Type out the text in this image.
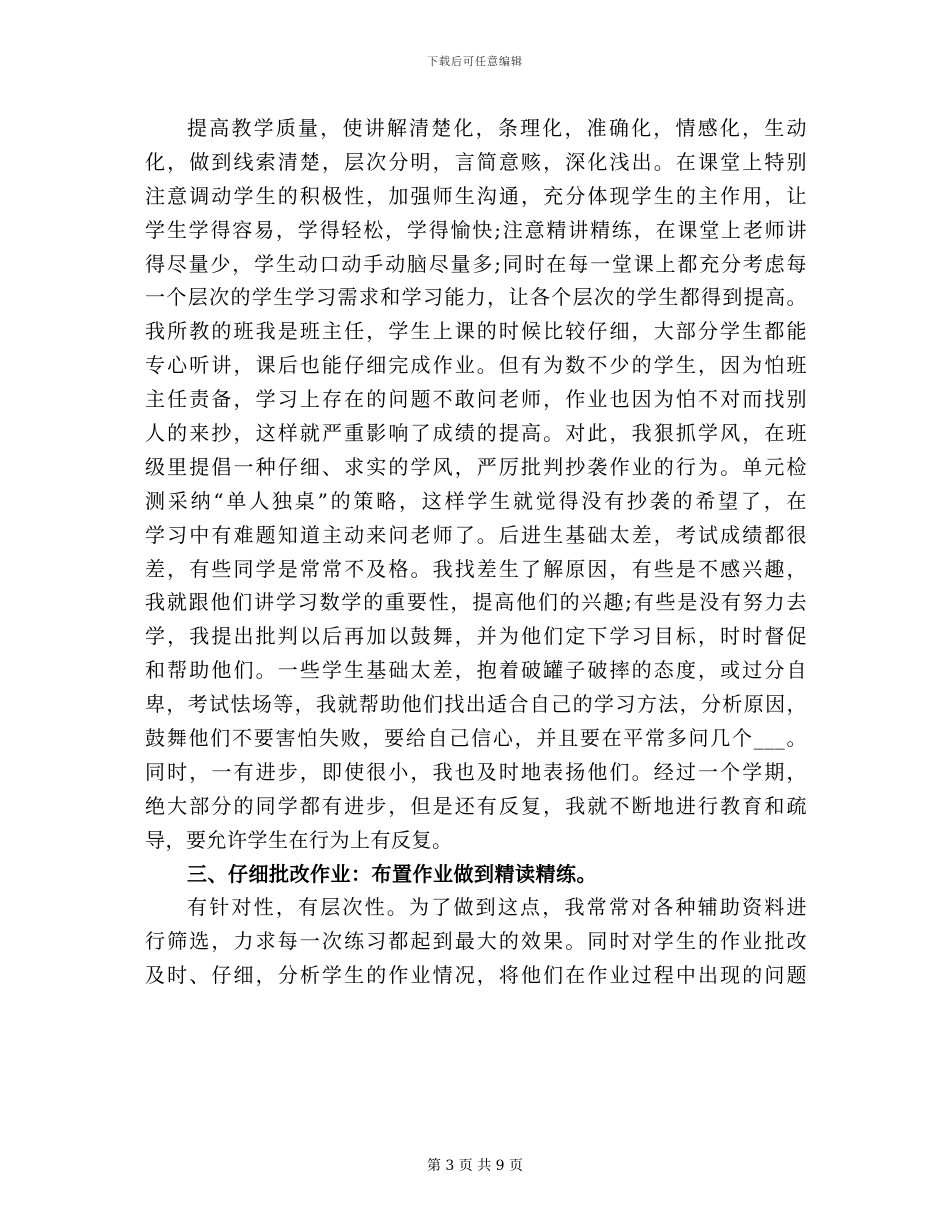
下载后可任意编辑
提高教学质量，使讲解清楚化，条理化，准确化，情感化，生动
化，做到线索清楚，层次分明，言简意赅，深化浅出。在课堂上特别
注意调动学生的积极性，加强师生沟通，充分体现学生的主作用，让
学生学得容易，学得轻松，学得愉快;注意精讲精练，在课堂上老师讲
得尽量少，学生动口动手动脑尽量多;同时在每一堂课上都充分考虑每
一个层次的学生学习需求和学习能力，让各个层次的学生都得到提高。
我所教的班我是班主任，学生上课的时候比较仔细，大部分学生都能
专心听讲，课后也能仔细完成作业。但有为数不少的学生，因为怕班
主任责备，学习上存在的问题不敢问老师，作业也因为怕不对而找别
人的来抄，这样就严重影响了成绩的提高。对此，我狠抓学风，在班
级里提倡一种仔细、求实的学风，严厉批判抄袭作业的行为。单元检
测采纳“单人独桌”的策略，这样学生就觉得没有抄袭的希望了，在
学习中有难题知道主动来问老师了。后进生基础太差，考试成绩都很
差，有些同学是常常不及格。我找差生了解原因，有些是不感兴趣，
我就跟他们讲学习数学的重要性，提高他们的兴趣;有些是没有努力去
学，我提出批判以后再加以鼓舞，并为他们定下学习目标，时时督促
和帮助他们。一些学生基础太差，抱着破罐子破摔的态度，或过分自
卑，考试怯场等，我就帮助他们找出适合自己的学习方法，分析原因，
鼓舞他们不要害怕失败，要给自己信心，并且要在平常多问几个___。
同时，一有进步，即使很小，我也及时地表扬他们。经过一个学期，
绝大部分的同学都有进步，但是还有反复，我就不断地进行教育和疏
导，要允许学生在行为上有反复。
三、仔细批改作业：布置作业做到精读精练。
有针对性，有层次性。为了做到这点，我常常对各种辅助资料进
行筛选，力求每一次练习都起到最大的效果。同时对学生的作业批改
及时、仔细，分析学生的作业情况，将他们在作业过程中出现的问题
第 3 页 共 9 页
